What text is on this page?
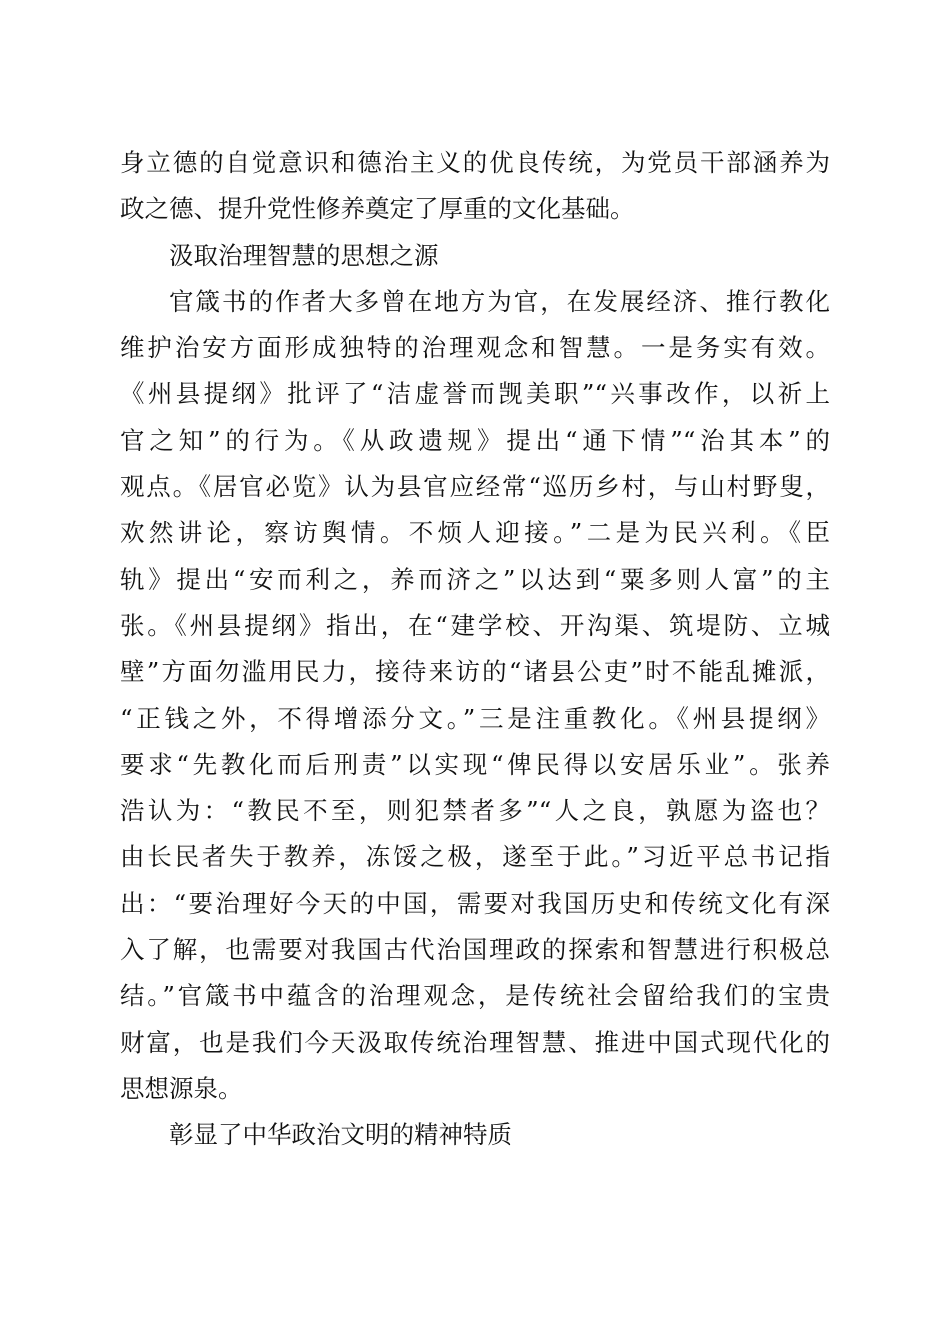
身立德的自觉意识和德治主义的优良传统，为党员干部涵养为
政之德、提升党性修养奠定了厚重的文化基础。
汲取治理智慧的思想之源
官箴书的作者大多曾在地方为官，在发展经济、推行教化
维护治安方面形成独特的治理观念和智慧。一是务实有效。
《州县提纲》批评了“洁虚誉而觊美职”“兴事改作，以祈上
官之知”的行为。《从政遗规》提出“通下情”“治其本”的
观点。《居官必览》认为县官应经常“巡历乡村，与山村野叟，
欢然讲论，察访舆情。不烦人迎接。”二是为民兴利。《臣
轨》提出“安而利之，养而济之”以达到“粟多则人富”的主
张。《州县提纲》指出，在“建学校、开沟渠、筑堤防、立城
壁”方面勿滥用民力，接待来访的“诸县公吏”时不能乱摊派，
“正钱之外，不得增添分文。”三是注重教化。《州县提纲》
要求“先教化而后刑责”以实现“俾民得以安居乐业”。张养
浩认为：“教民不至，则犯禁者多”“人之良，孰愿为盗也？
由长民者失于教养，冻馁之极，遂至于此。”习近平总书记指
出：“要治理好今天的中国，需要对我国历史和传统文化有深
入了解，也需要对我国古代治国理政的探索和智慧进行积极总
结。”官箴书中蕴含的治理观念，是传统社会留给我们的宝贵
财富，也是我们今天汲取传统治理智慧、推进中国式现代化的
思想源泉。
彰显了中华政治文明的精神特质
